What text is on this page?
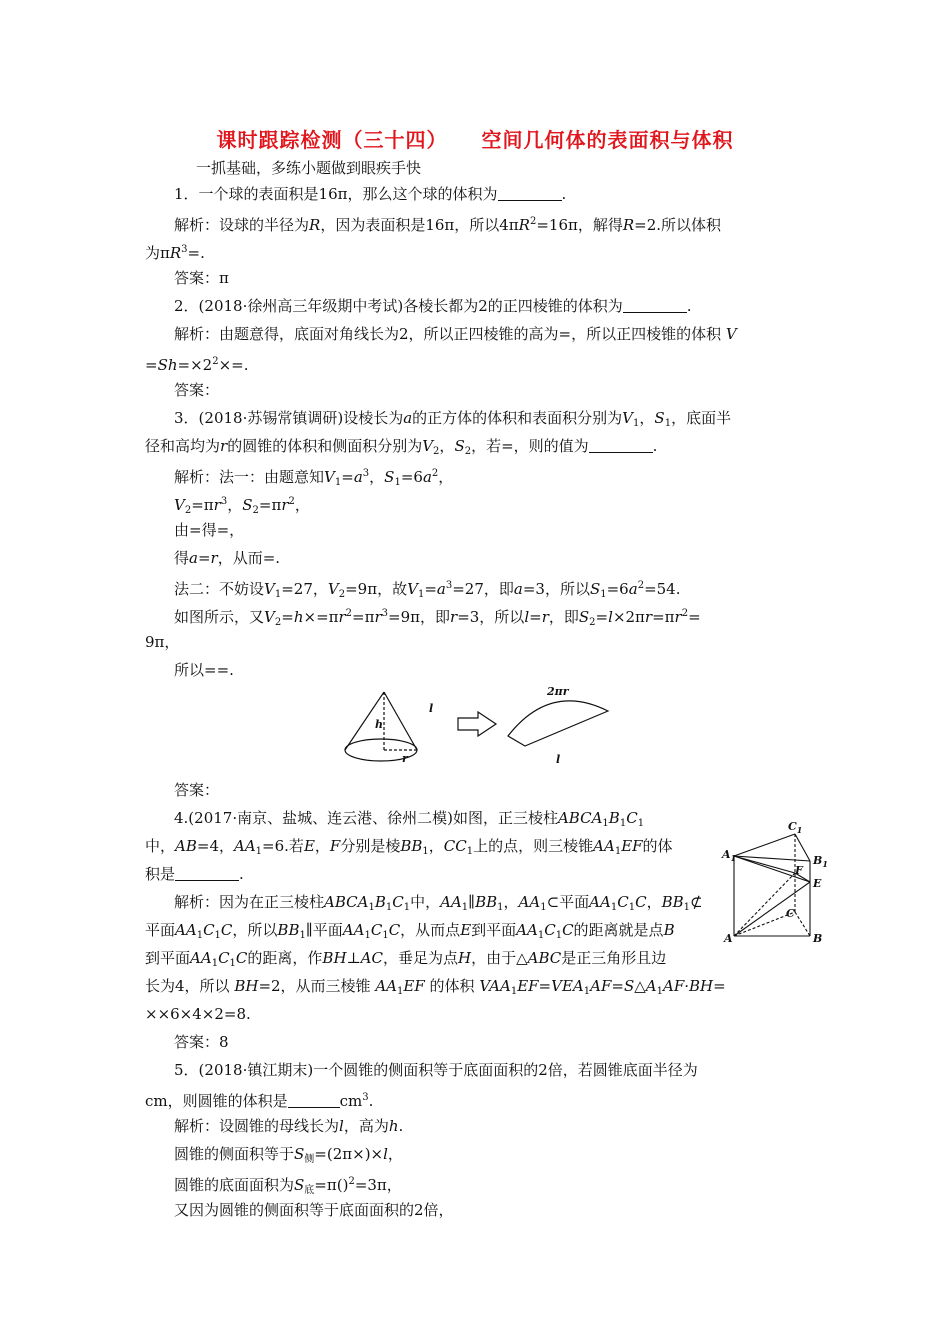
课时跟踪检测（三十四） 空间几何体的表面积与体积
一抓基础，多练小题做到眼疾手快
1．一个球的表面积是16π，那么这个球的体积为	.
解析：设球的半径为R，因为表面积是16π，所以$4\pi R^2=16\pi$，解得R=2.所以体积
为$\pi R^3=$.
答案：π
2．(2018·徐州高三年级期中考试)各棱长都为2的正四棱锥的体积为	.
解析：由题意得，底面对角线长为2，所以正四棱锥的高为=，所以正四棱锥的体积 V
$=Sh=\times 2^2\times=$.
答案：
3．(2018·苏锡常镇调研)设棱长为a的正方体的体积和表面积分别为$V_1$，$S_1$，底面半
径和高均为r的圆锥的体积和侧面积分别为$V_2$，$S_2$，若=，则的值为	.
解析：法一：由题意知$V_1=a^3$，$S_1=6a^2$，
$V_2=\pi r^3$，$S_2=\pi r^2$，
由=得=，
得a=r，从而=.
法二：不妨设$V_1=27$，$V_2=9\pi$，故$V_1=a^3=27$，即a=3，所以$S_1=6a^2=54$.
如图所示，又$V_2=h\times=\pi r^2=\pi r^3=9\pi$，即r=3，所以l=r，即$S_2=l\times 2\pi r=\pi r^2=$
9π，
所以==.
l
h
r
2πr
l
答案：
4.(2017·南京、盐城、连云港、徐州二模)如图，正三棱柱$ABCA_1B_1C_1$
中，AB=4，$AA_1=6$.若E，F分别是棱$BB_1$，$CC_1$上的点，则三棱锥$AA_1EF$的体
积是	.
解析：因为在正三棱柱$ABCA_1B_1C_1$中，$AA_1\parallel BB_1$，$AA_1\subset$平面$AA_1C_1C$，$BB_1⊄$
平面$AA_1C_1C$，所以$BB_1\parallel$平面$AA_1C_1C$，从而点E到平面$AA_1C_1C$的距离就是点B
到平面$AA_1C_1C$的距离，作BH⊥AC，垂足为点H，由于△ABC是正三角形且边
长为4，所以 BH=2，从而三棱锥 $AA_1EF$ 的体积 $VAA_1EF=VEA_1AF=S\triangle A_1AF\cdot BH=$
××6×4×2=8.
答案：8
$C_1$
$A_1$	$B_1$
F
E
C
A	B
5．(2018·镇江期末)一个圆锥的侧面积等于底面面积的2倍，若圆锥底面半径为
cm，则圆锥的体积是	$cm^3$.
解析：设圆锥的母线长为l，高为h.
圆锥的侧面积等于$S_侧=(2\pi\times)\times l$，
圆锥的底面面积为$S_底=\pi()^2=3\pi$，
又因为圆锥的侧面积等于底面面积的2倍，
